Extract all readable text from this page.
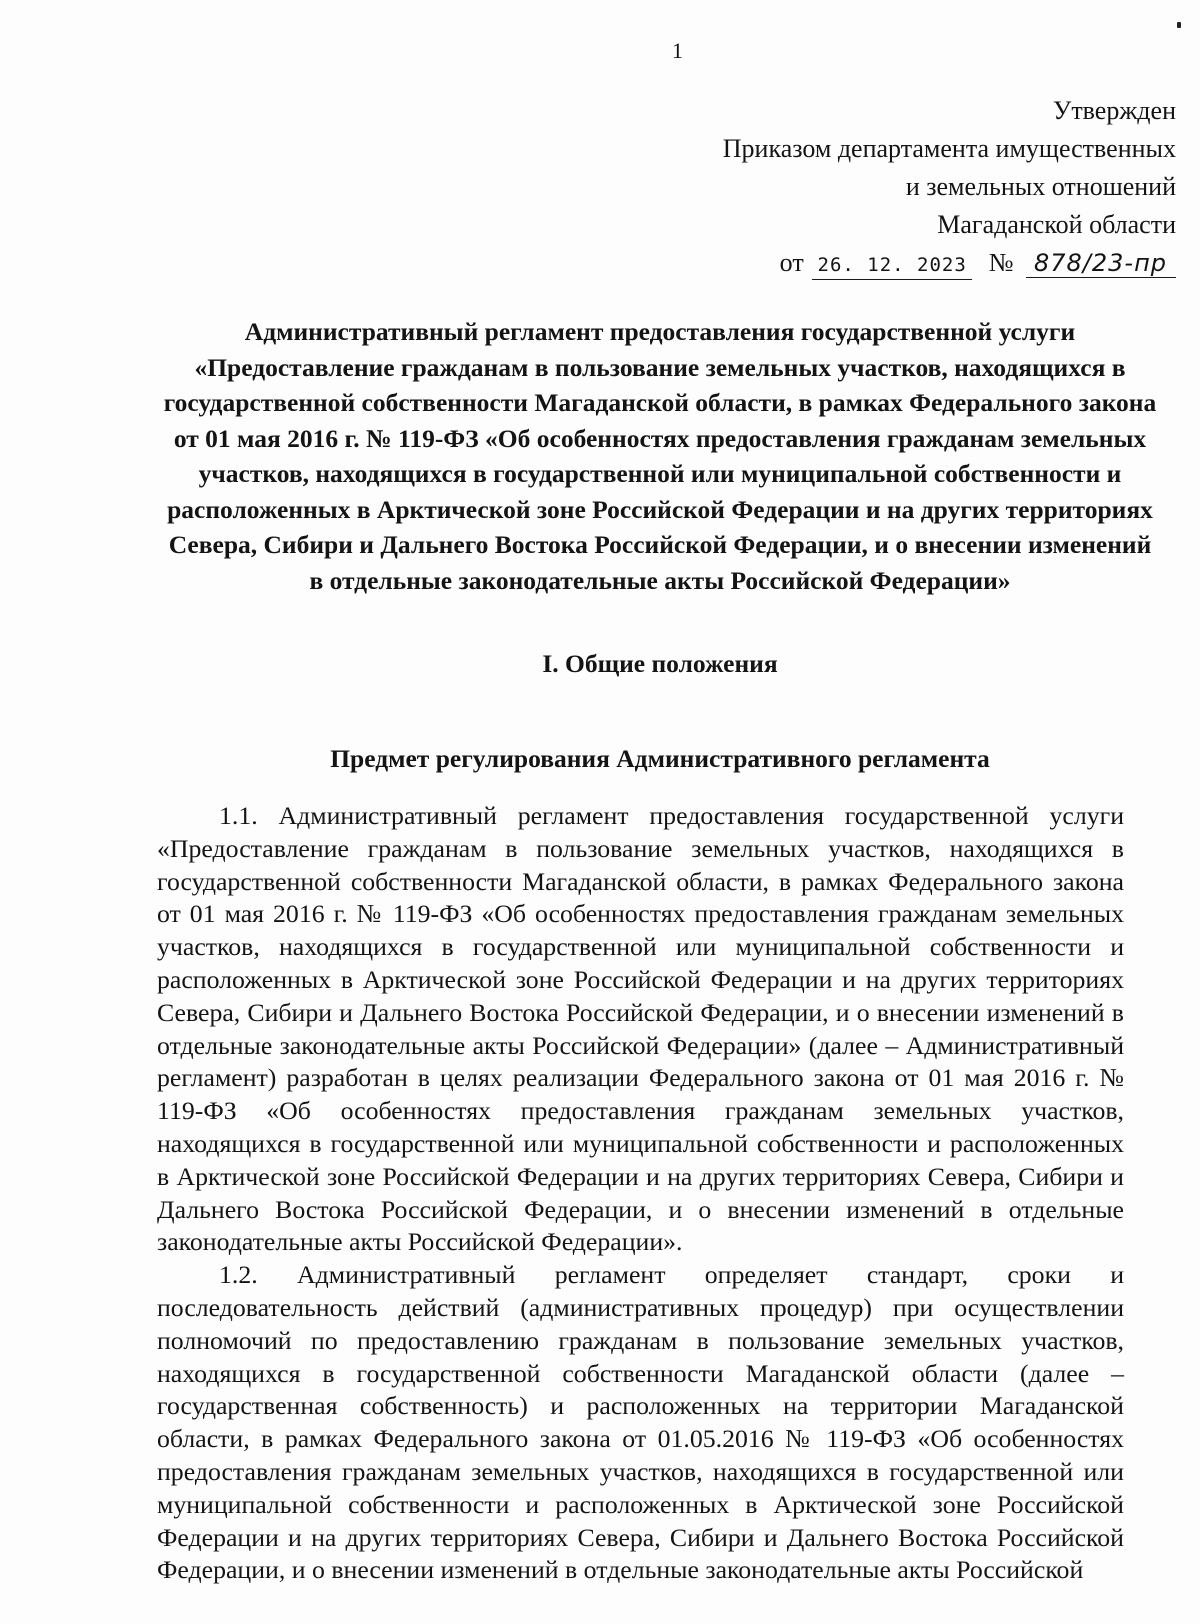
1
Утвержден
Приказом департамента имущественных
и земельных отношений
Магаданской области
от 26. 12. 2023 № 878/23-пр
Административный регламент предоставления государственной услуги «Предоставление гражданам в пользование земельных участков, находящихся в государственной собственности Магаданской области, в рамках Федерального закона от 01 мая 2016 г. № 119-ФЗ «Об особенностях предоставления гражданам земельных участков, находящихся в государственной или муниципальной собственности и расположенных в Арктической зоне Российской Федерации и на других территориях Севера, Сибири и Дальнего Востока Российской Федерации, и о внесении изменений в отдельные законодательные акты Российской Федерации»
I. Общие положения
Предмет регулирования Административного регламента

1.1. Административный регламент предоставления государственной услуги «Предоставление гражданам в пользование земельных участков, находящихся в государственной собственности Магаданской области, в рамках Федерального закона от 01 мая 2016 г. № 119-ФЗ «Об особенностях предоставления гражданам земельных участков, находящихся в государственной или муниципальной собственности и расположенных в Арктической зоне Российской Федерации и на других территориях Севера, Сибири и Дальнего Востока Российской Федерации, и о внесении изменений в отдельные законодательные акты Российской Федерации» (далее – Административный регламент) разработан в целях реализации Федерального закона от 01 мая 2016 г. № 119-ФЗ «Об особенностях предоставления гражданам земельных участков, находящихся в государственной или муниципальной собственности и расположенных в Арктической зоне Российской Федерации и на других территориях Севера, Сибири и Дальнего Востока Российской Федерации, и о внесении изменений в отдельные законодательные акты Российской Федерации».

1.2. Административный регламент определяет стандарт, сроки и последовательность действий (административных процедур) при осуществлении полномочий по предоставлению гражданам в пользование земельных участков, находящихся в государственной собственности Магаданской области (далее – государственная собственность) и расположенных на территории Магаданской области, в рамках Федерального закона от 01.05.2016 № 119-ФЗ «Об особенностях предоставления гражданам земельных участков, находящихся в государственной или муниципальной собственности и расположенных в Арктической зоне Российской Федерации и на других территориях Севера, Сибири и Дальнего Востока Российской Федерации, и о внесении изменений в отдельные законодательные акты Российской
